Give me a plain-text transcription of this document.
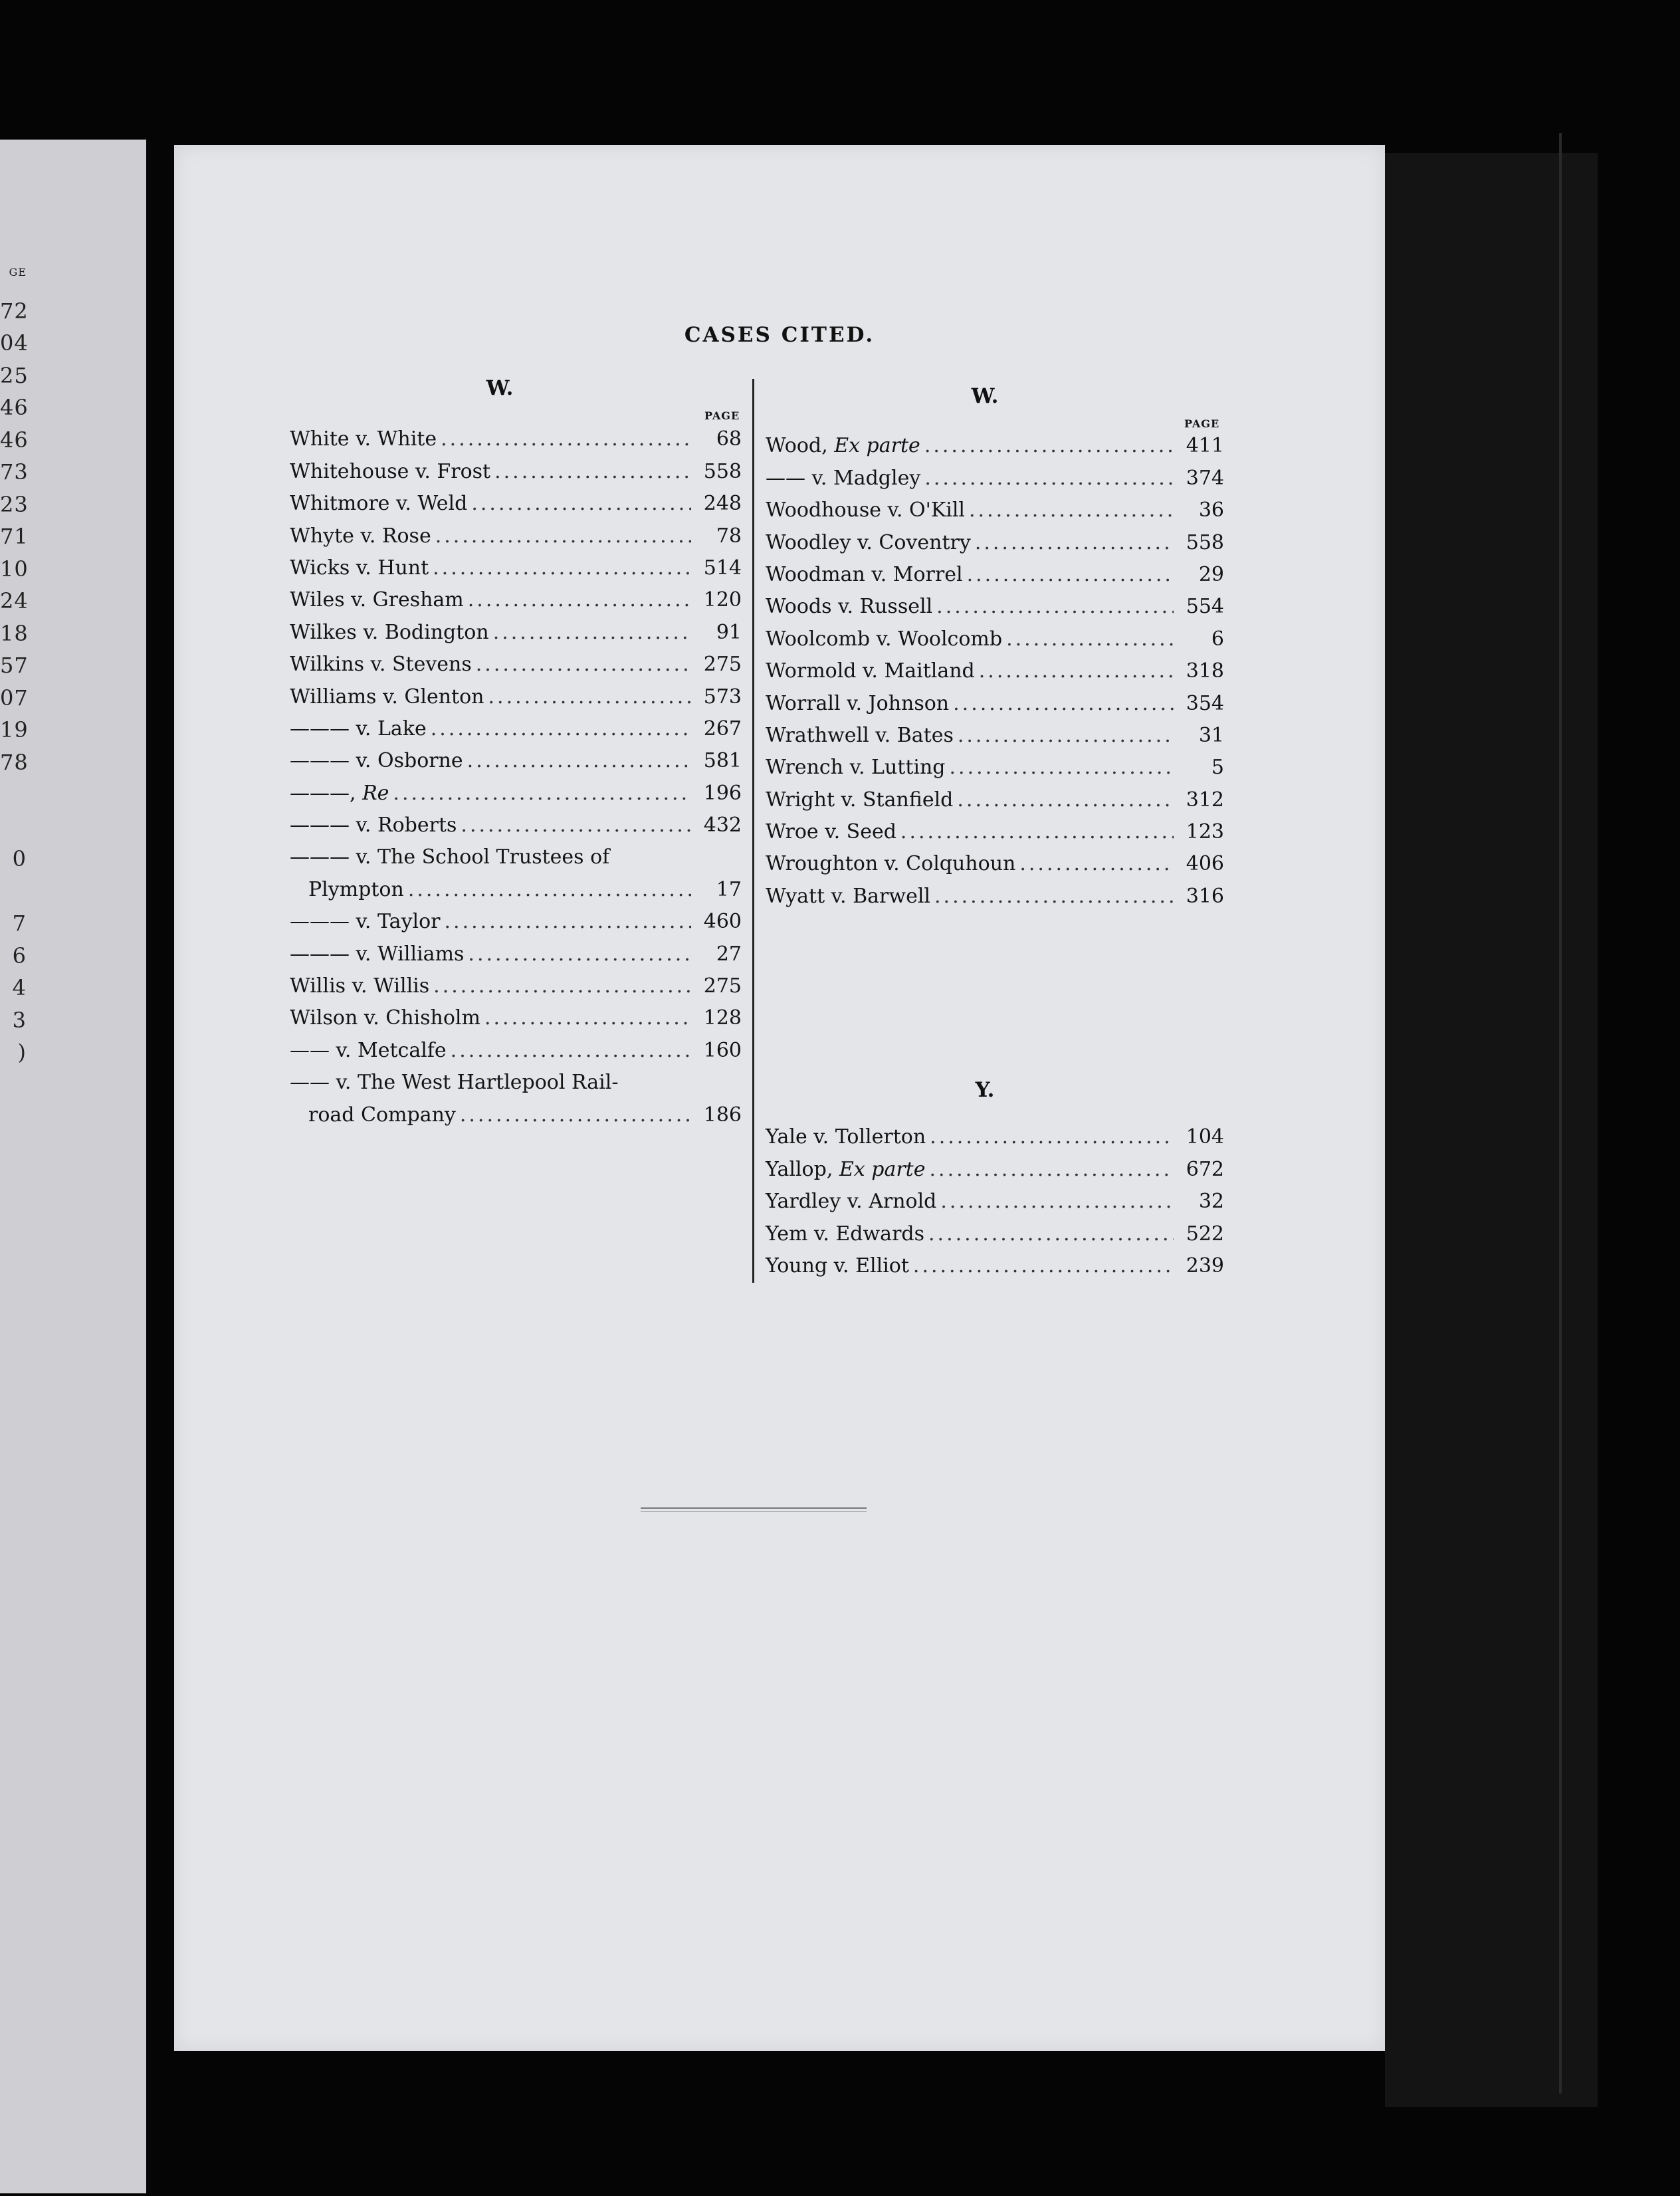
GE
72
04
25
46
46
73
23
71
10
24
18
57
07
19
78
0
7
6
4
3
)
CASES CITED.
W.
PAGE
W.
PAGE
White v. White .....	68
Whitehouse v. Frost .....	558
Whitmore v. Weld .....	248
Whyte v. Rose .....	78
Wicks v. Hunt .....	514
Wiles v. Gresham .....	120
Wilkes v. Bodington .....	91
Wilkins v. Stevens .....	275
Williams v. Glenton .....	573
——— v. Lake .....	267
——— v. Osborne .....	581
———, Re .....	196
——— v. Roberts .....	432
——— v. The School Trustees of
Plympton .....	17
——— v. Taylor .....	460
——— v. Williams .....	27
Willis v. Willis .....	275
Wilson v. Chisholm .....	128
—— v. Metcalfe .....	160
—— v. The West Hartlepool Rail-
road Company .....	186
Wood, Ex parte .....	411
—— v. Madgley .....	374
Woodhouse v. O'Kill .....	36
Woodley v. Coventry .....	558
Woodman v. Morrel .....	29
Woods v. Russell .....	554
Woolcomb v. Woolcomb .....	6
Wormold v. Maitland .....	318
Worrall v. Johnson .....	354
Wrathwell v. Bates .....	31
Wrench v. Lutting .....	5
Wright v. Stanfield .....	312
Wroe v. Seed .....	123
Wroughton v. Colquhoun .....	406
Wyatt v. Barwell .....	316
Y.
Yale v. Tollerton .....	104
Yallop, Ex parte .....	672
Yardley v. Arnold .....	32
Yem v. Edwards .....	522
Young v. Elliot .....	239
